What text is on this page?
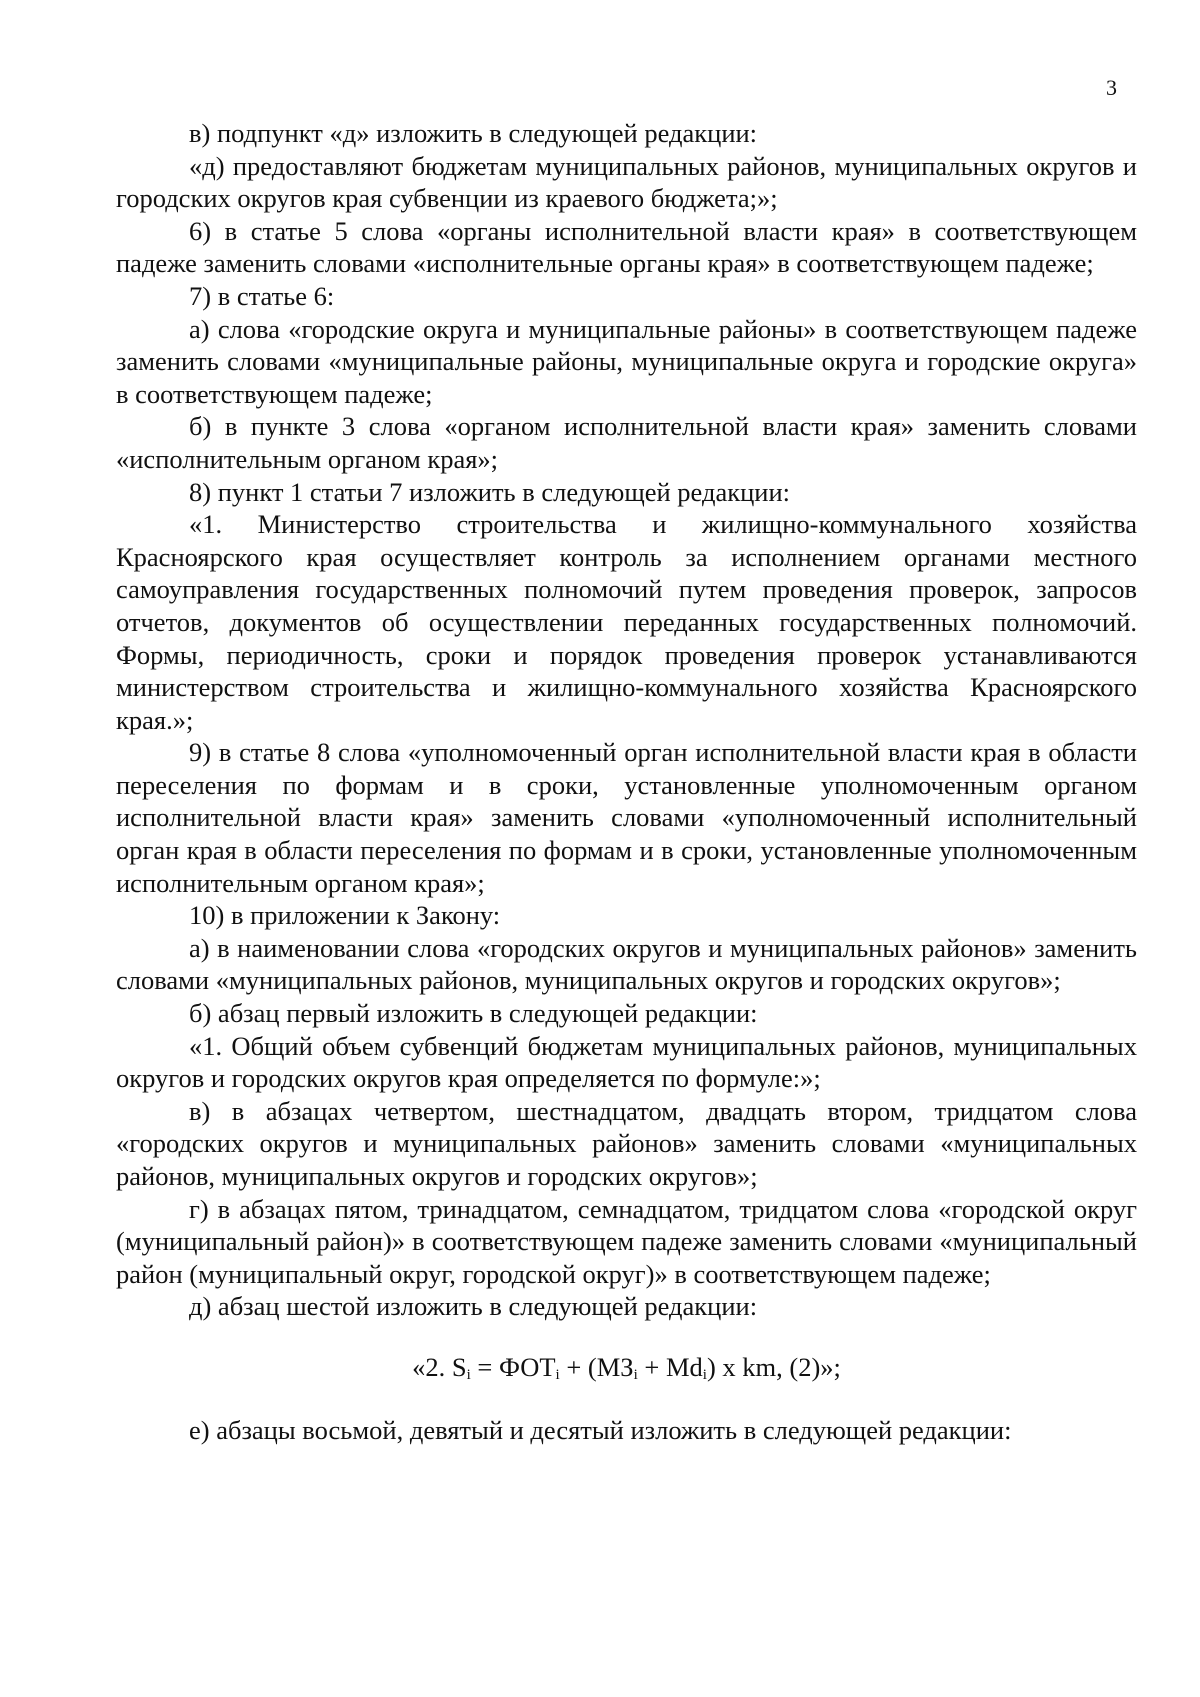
3

в) подпункт «д» изложить в следующей редакции:

«д) предоставляют бюджетам муниципальных районов, муниципальных округов и городских округов края субвенции из краевого бюджета;»;

6) в статье 5 слова «органы исполнительной власти края» в соответствующем падеже заменить словами «исполнительные органы края» в соответствующем падеже;

7) в статье 6:

а) слова «городские округа и муниципальные районы» в соответствующем падеже заменить словами «муниципальные районы, муниципальные округа и городские округа» в соответствующем падеже;

б) в пункте 3 слова «органом исполнительной власти края» заменить словами «исполнительным органом края»;

8) пункт 1 статьи 7 изложить в следующей редакции:

«1. Министерство строительства и жилищно-коммунального хозяйства Красноярского края осуществляет контроль за исполнением органами местного самоуправления государственных полномочий путем проведения проверок, запросов отчетов, документов об осуществлении переданных государственных полномочий. Формы, периодичность, сроки и порядок проведения проверок устанавливаются министерством строительства и жилищно-коммунального хозяйства Красноярского края.»;

9) в статье 8 слова «уполномоченный орган исполнительной власти края в области переселения по формам и в сроки, установленные уполномоченным органом исполнительной власти края» заменить словами «уполномоченный исполнительный орган края в области переселения по формам и в сроки, установленные уполномоченным исполнительным органом края»;

10) в приложении к Закону:

а) в наименовании слова «городских округов и муниципальных районов» заменить словами «муниципальных районов, муниципальных округов и городских округов»;

б) абзац первый изложить в следующей редакции:

«1. Общий объем субвенций бюджетам муниципальных районов, муниципальных округов и городских округов края определяется по формуле:»;

в) в абзацах четвертом, шестнадцатом, двадцать втором, тридцатом слова «городских округов и муниципальных районов» заменить словами «муниципальных районов, муниципальных округов и городских округов»;

г) в абзацах пятом, тринадцатом, семнадцатом, тридцатом слова «городской округ (муниципальный район)» в соответствующем падеже заменить словами «муниципальный район (муниципальный округ, городской округ)» в соответствующем падеже;

д) абзац шестой изложить в следующей редакции:

«2. $S_i = ФОТ_i + (МЗ_i + Md_i)$ x km, (2)»;

е) абзацы восьмой, девятый и десятый изложить в следующей редакции:
